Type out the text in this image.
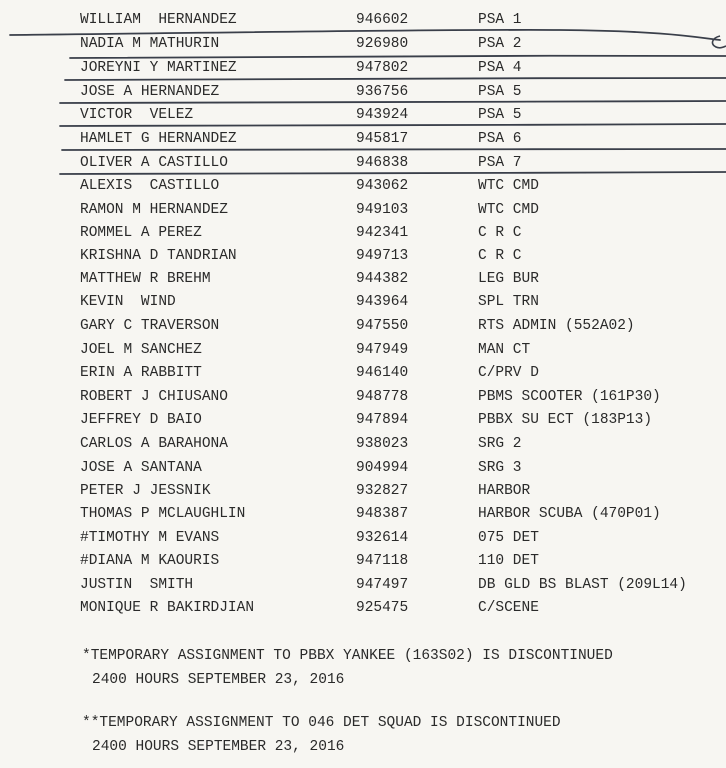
WILLIAM  HERNANDEZ	946602	PSA 1
NADIA M MATHURIN	926980	PSA 2
JOREYNI Y MARTINEZ	947802	PSA 4
JOSE A HERNANDEZ	936756	PSA 5
VICTOR  VELEZ	943924	PSA 5
HAMLET G HERNANDEZ	945817	PSA 6
OLIVER A CASTILLO	946838	PSA 7
ALEXIS  CASTILLO	943062	WTC CMD
RAMON M HERNANDEZ	949103	WTC CMD
ROMMEL A PEREZ	942341	C R C
KRISHNA D TANDRIAN	949713	C R C
MATTHEW R BREHM	944382	LEG BUR
KEVIN  WIND	943964	SPL TRN
GARY C TRAVERSON	947550	RTS ADMIN (552A02)
JOEL M SANCHEZ	947949	MAN CT
ERIN A RABBITT	946140	C/PRV D
ROBERT J CHIUSANO	948778	PBMS SCOOTER (161P30)
JEFFREY D BAIO	947894	PBBX SU ECT (183P13)
CARLOS A BARAHONA	938023	SRG 2
JOSE A SANTANA	904994	SRG 3
PETER J JESSNIK	932827	HARBOR
THOMAS P MCLAUGHLIN	948387	HARBOR SCUBA (470P01)
#TIMOTHY M EVANS	932614	075 DET
#DIANA M KAOURIS	947118	110 DET
JUSTIN  SMITH	947497	DB GLD BS BLAST (209L14)
MONIQUE R BAKIRDJIAN	925475	C/SCENE
*TEMPORARY ASSIGNMENT TO PBBX YANKEE (163S02) IS DISCONTINUED
2400 HOURS SEPTEMBER 23, 2016
**TEMPORARY ASSIGNMENT TO 046 DET SQUAD IS DISCONTINUED
2400 HOURS SEPTEMBER 23, 2016
